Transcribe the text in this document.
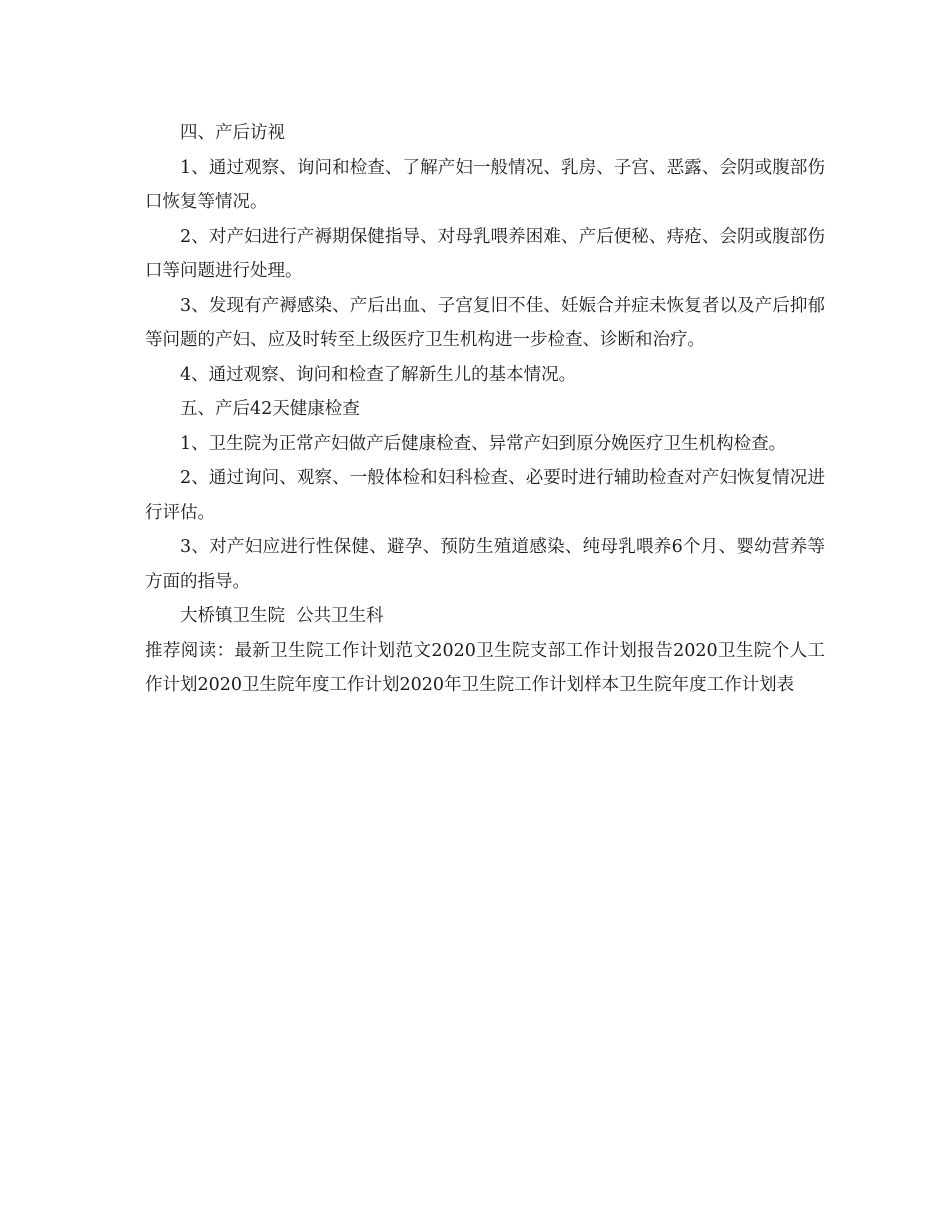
四、产后访视

1、通过观察、询问和检查、了解产妇一般情况、乳房、子宫、恶露、会阴或腹部伤口恢复等情况。

2、对产妇进行产褥期保健指导、对母乳喂养困难、产后便秘、痔疮、会阴或腹部伤口等问题进行处理。

3、发现有产褥感染、产后出血、子宫复旧不佳、妊娠合并症未恢复者以及产后抑郁等问题的产妇、应及时转至上级医疗卫生机构进一步检查、诊断和治疗。

4、通过观察、询问和检查了解新生儿的基本情况。

五、产后42天健康检查

1、卫生院为正常产妇做产后健康检查、异常产妇到原分娩医疗卫生机构检查。

2、通过询问、观察、一般体检和妇科检查、必要时进行辅助检查对产妇恢复情况进行评估。

3、对产妇应进行性保健、避孕、预防生殖道感染、纯母乳喂养6个月、婴幼营养等方面的指导。

大桥镇卫生院  公共卫生科

推荐阅读：最新卫生院工作计划范文2020卫生院支部工作计划报告2020卫生院个人工作计划2020卫生院年度工作计划2020年卫生院工作计划样本卫生院年度工作计划表
